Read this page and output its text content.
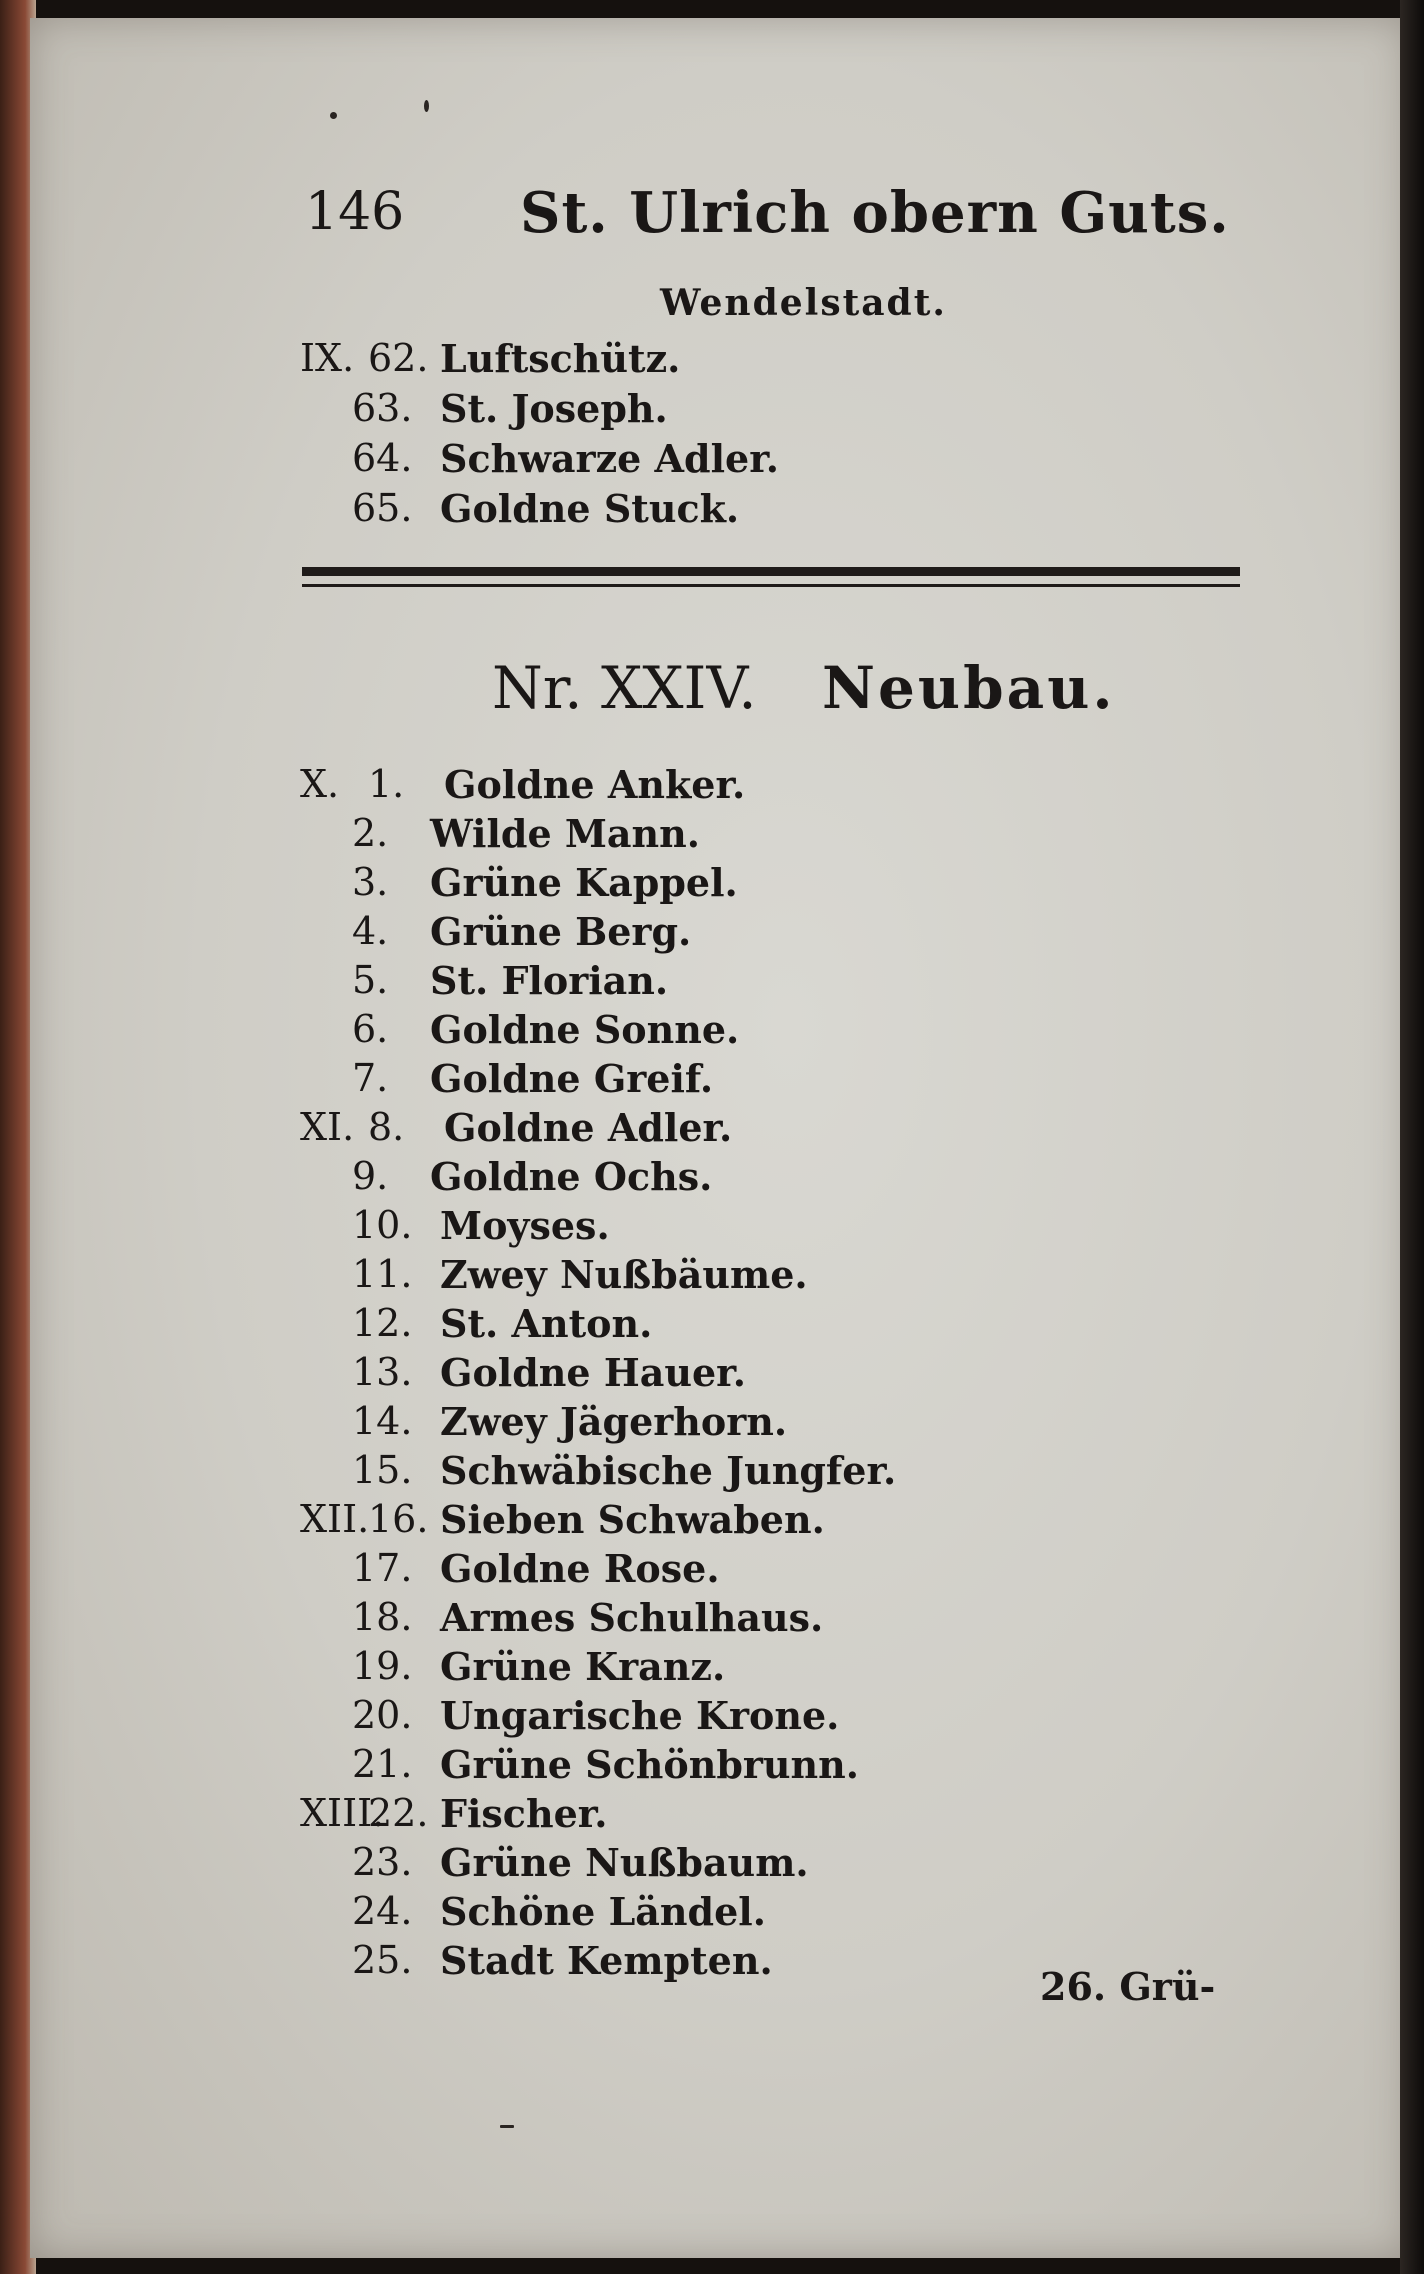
146 St. Ulrich obern Guts.
Wendelstadt.
IX. 62. Luftschütz.
63. St. Joseph.
64. Schwarze Adler.
65. Goldne Stuck.
Nr. XXIV. Neubau.
X. 1. Goldne Anker.
2. Wilde Mann.
3. Grüne Kappel.
4. Grüne Berg.
5. St. Florian.
6. Goldne Sonne.
7. Goldne Greif.
XI. 8. Goldne Adler.
9. Goldne Ochs.
10. Moyses.
11. Zwey Nußbäume.
12. St. Anton.
13. Goldne Hauer.
14. Zwey Jägerhorn.
15. Schwäbische Jungfer.
XII.
16. Sieben Schwaben.
17. Goldne Rose.
18. Armes Schulhaus.
19. Grüne Kranz.
20. Ungarische Krone.
21. Grüne Schönbrunn.
XIII.
22. Fischer.
23. Grüne Nußbaum.
24. Schöne Ländel.
25. Stadt Kempten.
26. Grü-
